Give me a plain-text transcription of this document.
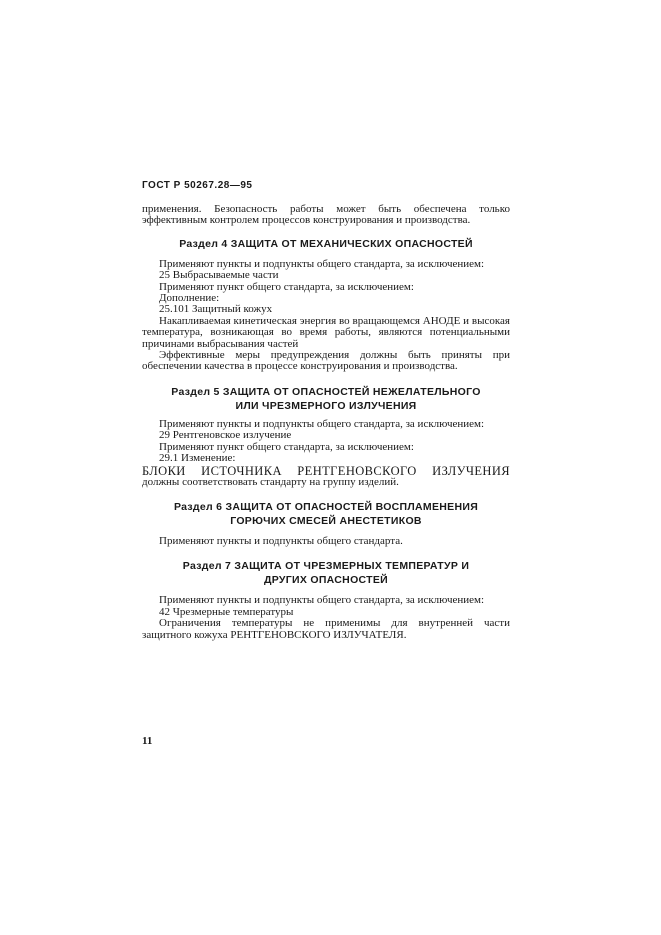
ГОСТ Р 50267.28—95

применения. Безопасность работы может быть обеспечена только эффективным контролем процессов конструирования и производства.

Раздел 4 ЗАЩИТА ОТ МЕХАНИЧЕСКИХ ОПАСНОСТЕЙ

Применяют пункты и подпункты общего стандарта, за исключением:

25 Выбрасываемые части

Применяют пункт общего стандарта, за исключением:

Дополнение:

25.101 Защитный кожух

Накапливаемая кинетическая энергия во вращающемся АНОДЕ и высокая температура, возникающая во время работы, являются потенциальными причинами выбрасывания частей

Эффективные меры предупреждения должны быть приняты при обеспечении качества в процессе конструирования и производства.

Раздел 5 ЗАЩИТА ОТ ОПАСНОСТЕЙ НЕЖЕЛАТЕЛЬНОГО

ИЛИ ЧРЕЗМЕРНОГО ИЗЛУЧЕНИЯ

Применяют пункты и подпункты общего стандарта, за исключением:

29 Рентгеновское излучение

Применяют пункт общего стандарта, за исключением:

29.1 Изменение:

БЛОКИ ИСТОЧНИКА РЕНТГЕНОВСКОГО ИЗЛУЧЕНИЯ

должны соответствовать стандарту на группу изделий.

Раздел 6 ЗАЩИТА ОТ ОПАСНОСТЕЙ ВОСПЛАМЕНЕНИЯ

ГОРЮЧИХ СМЕСЕЙ АНЕСТЕТИКОВ

Применяют пункты и подпункты общего стандарта.

Раздел 7 ЗАЩИТА ОТ ЧРЕЗМЕРНЫХ ТЕМПЕРАТУР И

ДРУГИХ ОПАСНОСТЕЙ

Применяют пункты и подпункты общего стандарта, за исключением:

42 Чрезмерные температуры

Ограничения температуры не применимы для внутренней части защитного кожуха РЕНТГЕНОВСКОГО ИЗЛУЧАТЕЛЯ.

11
